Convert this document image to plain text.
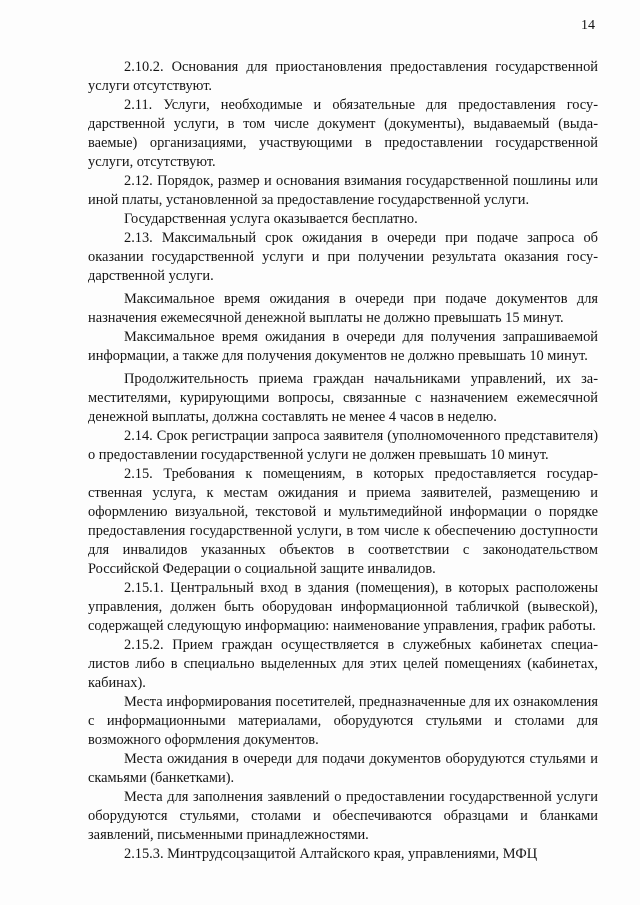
14

2.10.2. Основания для приостановления предоставления государственной услуги отсутствуют.

2.11. Услуги, необходимые и обязательные для предоставления государственной услуги, в том числе документ (документы), выдаваемый (выдаваемые) организациями, участвующими в предоставлении государственной услуги, отсутствуют.

2.12. Порядок, размер и основания взимания государственной пошлины или иной платы, установленной за предоставление государственной услуги.

Государственная услуга оказывается бесплатно.

2.13. Максимальный срок ожидания в очереди при подаче запроса об оказании государственной услуги и при получении результата оказания государственной услуги.

Максимальное время ожидания в очереди при подаче документов для назначения ежемесячной денежной выплаты не должно превышать 15 минут.

Максимальное время ожидания в очереди для получения запрашиваемой информации, а также для получения документов не должно превышать 10 минут.

Продолжительность приема граждан начальниками управлений, их заместителями, курирующими вопросы, связанные с назначением ежемесячной денежной выплаты, должна составлять не менее 4 часов в неделю.

2.14. Срок регистрации запроса заявителя (уполномоченного представителя) о предоставлении государственной услуги не должен превышать 10 минут.

2.15. Требования к помещениям, в которых предоставляется государственная услуга, к местам ожидания и приема заявителей, размещению и оформлению визуальной, текстовой и мультимедийной информации о порядке предоставления государственной услуги, в том числе к обеспечению доступности для инвалидов указанных объектов в соответствии с законодательством Российской Федерации о социальной защите инвалидов.

2.15.1. Центральный вход в здания (помещения), в которых расположены управления, должен быть оборудован информационной табличкой (вывеской), содержащей следующую информацию: наименование управления, график работы.

2.15.2. Прием граждан осуществляется в служебных кабинетах специалистов либо в специально выделенных для этих целей помещениях (кабинетах, кабинах).

Места информирования посетителей, предназначенные для их ознакомления с информационными материалами, оборудуются стульями и столами для возможного оформления документов.

Места ожидания в очереди для подачи документов оборудуются стульями и скамьями (банкетками).

Места для заполнения заявлений о предоставлении государственной услуги оборудуются стульями, столами и обеспечиваются образцами и бланками заявлений, письменными принадлежностями.

2.15.3. Минтрудсоцзащитой Алтайского края, управлениями, МФЦ
